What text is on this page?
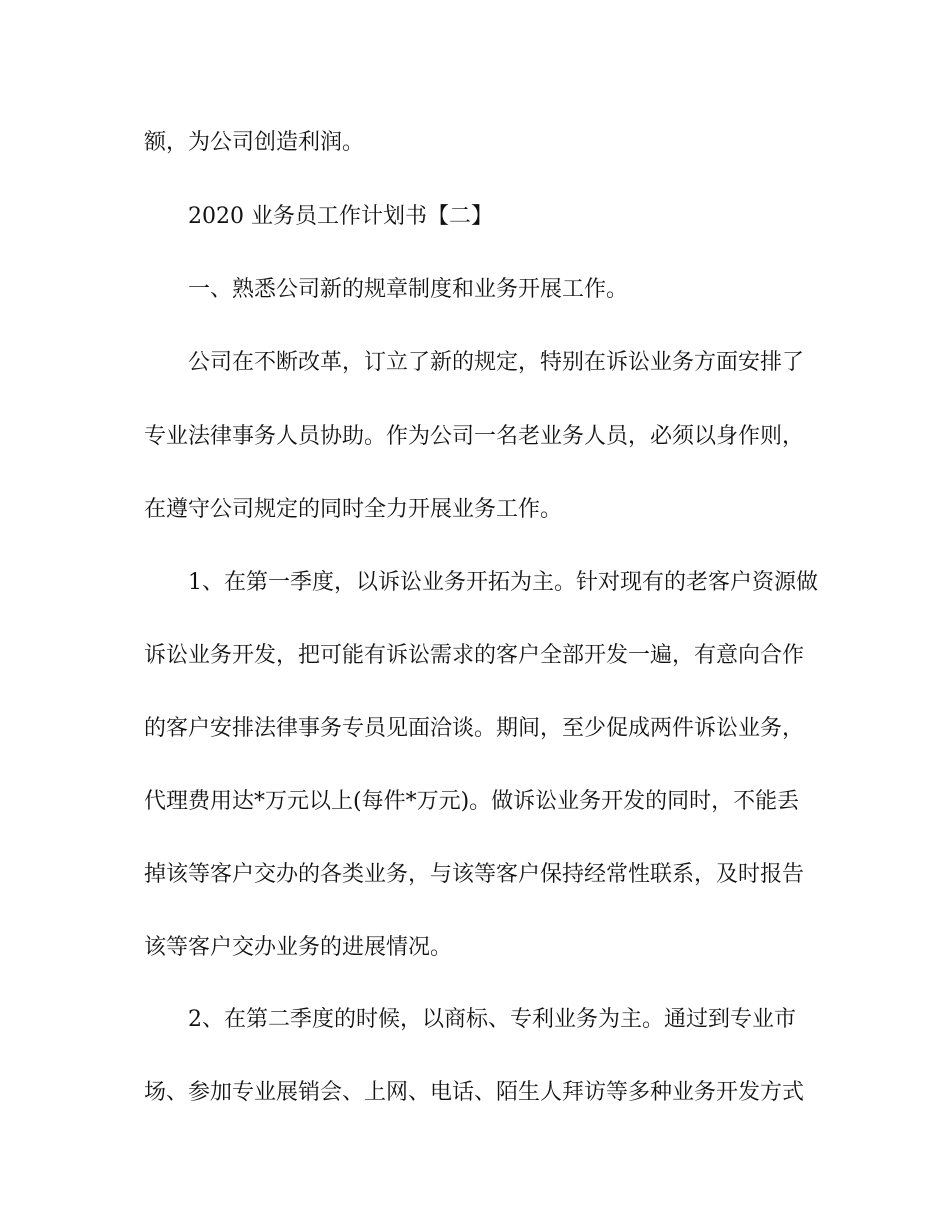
额，为公司创造利润。
2020 业务员工作计划书【二】
一、熟悉公司新的规章制度和业务开展工作。
公司在不断改革，订立了新的规定，特别在诉讼业务方面安排了
专业法律事务人员协助。作为公司一名老业务人员，必须以身作则，
在遵守公司规定的同时全力开展业务工作。
1、在第一季度，以诉讼业务开拓为主。针对现有的老客户资源做
诉讼业务开发，把可能有诉讼需求的客户全部开发一遍，有意向合作
的客户安排法律事务专员见面洽谈。期间，至少促成两件诉讼业务，
代理费用达*万元以上(每件*万元)。做诉讼业务开发的同时，不能丢
掉该等客户交办的各类业务，与该等客户保持经常性联系，及时报告
该等客户交办业务的进展情况。
2、在第二季度的时候，以商标、专利业务为主。通过到专业市
场、参加专业展销会、上网、电话、陌生人拜访等多种业务开发方式
